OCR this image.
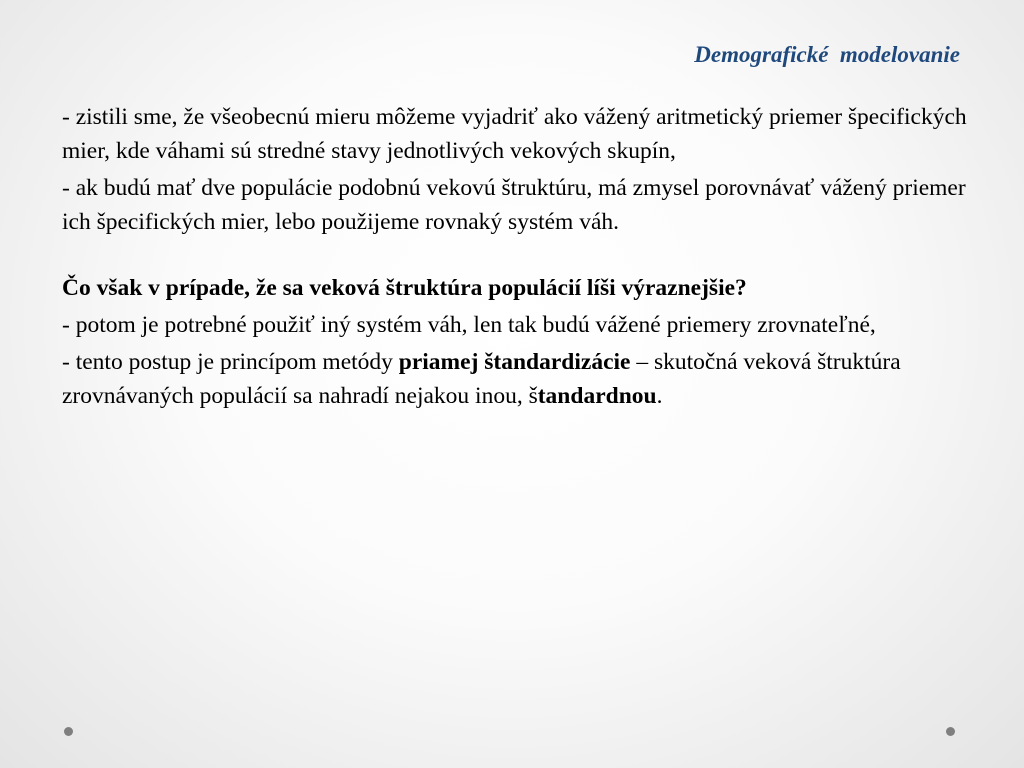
Demografické  modelovanie

- zistili sme, že všeobecnú mieru môžeme vyjadriť ako vážený aritmetický priemer špecifických mier, kde váhami sú stredné stavy jednotlivých vekových skupín,

- ak budú mať dve populácie podobnú vekovú štruktúru, má zmysel porovnávať vážený priemer ich špecifických mier, lebo použijeme rovnaký systém váh.

Čo však v prípade, že sa veková štruktúra populácií líši výraznejšie?

- potom je potrebné použiť iný systém váh, len tak budú vážené priemery zrovnateľné,

- tento postup je princípom metódy priamej štandardizácie – skutočná veková štruktúra zrovnávaných populácií sa nahradí nejakou inou, štandardnou.
